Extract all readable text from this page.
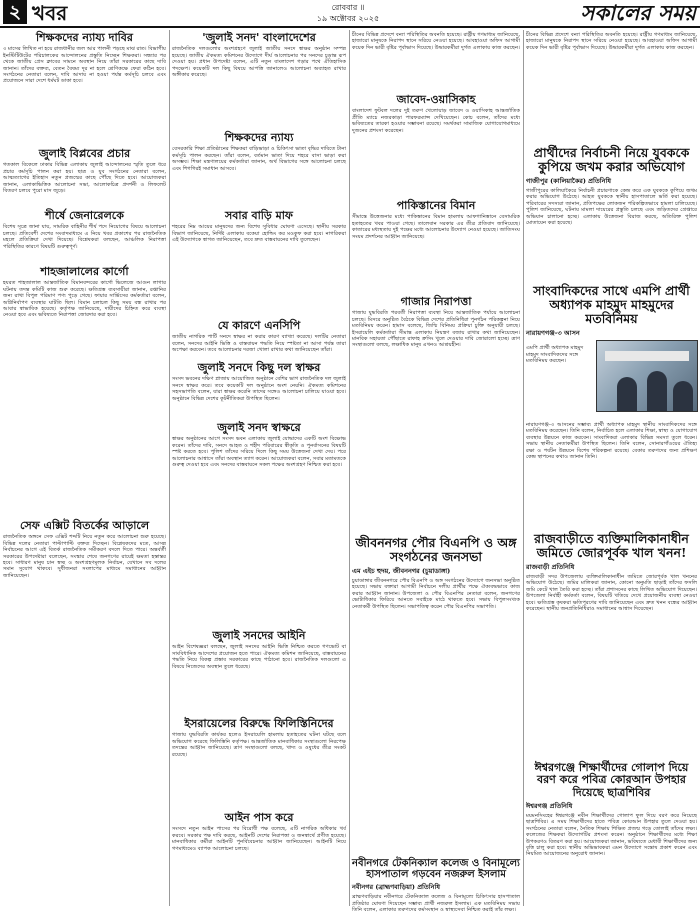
২ খবর	রোববার ॥
১৯ অক্টোবর ২০২৫	সকালের সময়

শিক্ষকদের ন্যায্য দাবির

৩ মাসের লিখিত না হয়ে রাজধানীর জল আর পালনী পড়ছে মাঝ রাত। বিভাগীয় ইনস্টিটিউটের পরিচালকের আন্দোলনের প্রস্তুতি নিচ্ছেন শিক্ষকরা। সন্ধ্যার পর থেকে জাতীয় প্রেস ক্লাবের সামনে অবস্থান নিয়ে তাঁরা সরকারের কাছে দাবি জানান। তাঁদের বক্তব্য, বেতন বৈষম্য দূর না হলে শ্রেণিকক্ষে ফেরা কঠিন হবে। সংগঠনের নেতারা বলেন, দাবি আদায় না হওয়া পর্যন্ত কর্মসূচি চলবে এবং প্রয়োজনে সারা দেশে ধর্মঘট ডাকা হবে।

জুলাই বিপ্লবের প্রচার

গতকাল বিকেলে ঢাকার বিভিন্ন এলাকায় জুলাই আন্দোলনের স্মৃতি তুলে ধরে প্রচার কর্মসূচি পালন করা হয়। ছাত্র ও যুব সংগঠনের নেতারা বলেন, আত্মত্যাগের ইতিহাস নতুন প্রজন্মের কাছে পৌঁছে দিতে হবে। আয়োজকরা জানান, এলাকাভিত্তিক আলোচনা সভা, আলোকচিত্র প্রদর্শনী ও লিফলেট বিতরণ চলবে পুরো মাস জুড়ে।

শীর্ষে জেনারেলকে

বিশেষ সূত্রে জানা যায়, সামরিক বাহিনীর শীর্ষ পদে নিয়োগের বিষয়ে আলোচনা চলছে। প্রতিবেশী দেশের সংবাদমাধ্যমে এ নিয়ে খবর প্রকাশের পর রাজনৈতিক মহলে প্রতিক্রিয়া দেখা দিয়েছে। বিশ্লেষকরা বলছেন, আঞ্চলিক নিরাপত্তা পরিস্থিতির কারণে বিষয়টি গুরুত্বপূর্ণ।

শাহজালালের কার্গো

হযরত শাহজালাল আন্তর্জাতিক বিমানবন্দরের কার্গো ভিলেজে আগুন লাগার ঘটনায় তদন্ত কমিটি কাজ শুরু করেছে। ক্ষতিগ্রস্ত ব্যবসায়ীরা জানান, রপ্তানির জন্য রাখা বিপুল পরিমাণ পণ্য পুড়ে গেছে। ফায়ার সার্ভিসের কর্মকর্তারা বলেন, অগ্নিনির্বাপণ ব্যবস্থার ঘাটতি ছিল। বিমান চলাচল কিছু সময় বন্ধ রাখার পর আবার স্বাভাবিক হয়েছে। কর্তৃপক্ষ জানিয়েছে, দায়ীদের চিহ্নিত করে ব্যবস্থা নেওয়া হবে এবং ভবিষ্যতে নিরাপত্তা জোরদার করা হবে।

সেফ এক্সিট বিতর্কের আড়ালে

রাজনৈতিক অঙ্গনে সেফ এক্সিট শব্দটি নিয়ে নতুন করে আলোচনা শুরু হয়েছে। বিভিন্ন দলের নেতারা পাল্টাপাল্টি বক্তব্য দিচ্ছেন। বিশ্লেষকদের মতে, আসন্ন নির্বাচনের আগে এই বিতর্ক রাজনৈতিক সমীকরণ বদলে দিতে পারে। অন্তর্বর্তী সরকারের উপদেষ্টারা বলেছেন, সংস্কার শেষে জনগণের রায়েই ক্ষমতা হস্তান্তর হবে। সাধারণ মানুষ চান স্বচ্ছ ও অংশগ্রহণমূলক নির্বাচন, যেখানে সব দলের সমান সুযোগ থাকবে। সুধীজনরা সংলাপের মাধ্যমে সমাধানের আহ্বান জানিয়েছেন।

'জুলাই সনদ' বাংলাদেশের

রাজনৈতিক দলগুলোর অংশগ্রহণে জুলাই জাতীয় সনদে স্বাক্ষর অনুষ্ঠান সম্পন্ন হয়েছে। জাতীয় ঐকমত্য কমিশনের উদ্যোগে দীর্ঘ আলোচনার পর সনদের চূড়ান্ত রূপ দেওয়া হয়। প্রধান উপদেষ্টা বলেন, এটি নতুন বাংলাদেশ গড়ার পথে ঐতিহাসিক পদক্ষেপ। কয়েকটি দল কিছু বিষয়ে আপত্তি জানালেও আলোচনা অব্যাহত রাখার অঙ্গীকার করেছে।

শিক্ষকদের ন্যায্য

বেসরকারি শিক্ষা প্রতিষ্ঠানের শিক্ষকরা বাড়িভাড়া ও চিকিৎসা ভাতা বৃদ্ধির দাবিতে টানা কর্মসূচি পালন করছেন। তাঁরা বলেন, বর্তমান ভাতা দিয়ে শহরে বাসা ভাড়া করা অসম্ভব। শিক্ষা মন্ত্রণালয়ের কর্মকর্তারা জানান, অর্থ বিভাগের সঙ্গে আলোচনা চলছে এবং শিগগিরই সমাধান আসবে।

সবার বাড়ি মাফ

শহরের নিম্ন আয়ের মানুষদের জন্য বিশেষ সুবিধার ঘোষণা এসেছে। স্থানীয় সরকার বিভাগ জানিয়েছে, নির্দিষ্ট এলাকায় বকেয়া হোল্ডিং কর মওকুফ করা হবে। নাগরিকরা এই উদ্যোগকে স্বাগত জানিয়েছেন, তবে দ্রুত বাস্তবায়নের দাবি তুলেছেন।

যে কারণে এনসিপি

জাতীয় নাগরিক পার্টি সনদে স্বাক্ষর না করার কারণ ব্যাখ্যা করেছে। দলটির নেতারা বলেন, সনদের আইনি ভিত্তি ও বাস্তবায়ন পদ্ধতি নিয়ে স্পষ্টতা না আসা পর্যন্ত তারা অপেক্ষা করবেন। তবে আলোচনার দরজা খোলা রাখার কথা জানিয়েছেন তাঁরা।

জুলাই সনদে কিছু দল স্বাক্ষর

সংসদ ভবনের দক্ষিণ প্লাজায় আয়োজিত অনুষ্ঠানে বেশির ভাগ রাজনৈতিক দল জুলাই সনদে স্বাক্ষর করে। তবে কয়েকটি দল অনুষ্ঠানে অংশ নেয়নি। ঐকমত্য কমিশনের সহসভাপতি বলেন, যারা স্বাক্ষর করেনি তাদের সঙ্গেও আলোচনা চালিয়ে যাওয়া হবে। অনুষ্ঠানে বিভিন্ন দেশের কূটনীতিকরা উপস্থিত ছিলেন।

জুলাই সনদ স্বাক্ষরে

স্বাক্ষর অনুষ্ঠানের আগে সংসদ ভবন এলাকায় জুলাই যোদ্ধাদের একটি অংশ বিক্ষোভ করেন। তাঁদের দাবি, সনদে আহত ও শহীদ পরিবারের স্বীকৃতি ও পুনর্বাসনের বিষয়টি স্পষ্ট করতে হবে। পুলিশ তাঁদের সরিয়ে দিলে কিছু সময় উত্তেজনা দেখা দেয়। পরে আলোচনার আশ্বাসে তাঁরা অবস্থান ত্যাগ করেন। আয়োজকরা বলেন, সবার মতামতকে গুরুত্ব দেওয়া হবে এবং সনদের বাস্তবায়নে সকল পক্ষের অংশগ্রহণ নিশ্চিত করা হবে।

জুলাই সনদের আইনি

আইন বিশেষজ্ঞরা বলছেন, জুলাই সনদের আইনি ভিত্তি নিশ্চিত করতে গণভোট বা সাংবিধানিক আদেশের প্রয়োজন হতে পারে। ঐকমত্য কমিশন জানিয়েছে, বাস্তবায়নের পদ্ধতি নিয়ে বিকল্প প্রস্তাব সরকারের কাছে পাঠানো হবে। রাজনৈতিক দলগুলো এ বিষয়ে নিজেদের অবস্থান তুলে ধরেছে।

ইসরায়েলের বিরুদ্ধে ফিলিস্তিনিদের

গাজায় যুদ্ধবিরতি কার্যকর হলেও ইসরায়েলি হামলায় হতাহতের ঘটনা ঘটছে বলে অভিযোগ করেছে ফিলিস্তিনি কর্তৃপক্ষ। আন্তর্জাতিক মানবাধিকার সংস্থাগুলো নিরপেক্ষ তদন্তের আহ্বান জানিয়েছে। ত্রাণ সংস্থাগুলো বলছে, খাদ্য ও ওষুধের তীব্র সংকট রয়েছে।

আইন পাস করে

সংসদে নতুন আইন পাসের পর বিরোধী পক্ষ বলেছে, এটি নাগরিক অধিকার খর্ব করবে। সরকার পক্ষ দাবি করছে, আইনটি দেশের নিরাপত্তা ও জনস্বার্থে প্রণীত হয়েছে। মানবাধিকার কর্মীরা আইনটি পুনর্বিবেচনার আহ্বান জানিয়েছেন। আইনটি নিয়ে গণমাধ্যমেও ব্যাপক আলোচনা চলছে।

চীনের বিভিন্ন প্রদেশে বন্যা পরিস্থিতির অবনতি হয়েছে। রাষ্ট্রীয় গণমাধ্যম জানিয়েছে, হাজারো মানুষকে নিরাপদ স্থানে সরিয়ে নেওয়া হয়েছে। আবহাওয়া অফিস আগামী কয়েক দিন ভারী বৃষ্টির পূর্বাভাস দিয়েছে। উদ্ধারকর্মীরা দুর্গত এলাকায় কাজ করছেন।

জাবেদ-ওয়াসিকাহ

বাংলাদেশ ফুটবল দলের দুই তরুণ খেলোয়াড় জাবেদ ও ওয়াসিকাহ আন্তর্জাতিক প্রীতি ম্যাচে নজরকাড়া পারফরম্যান্স দেখিয়েছেন। কোচ বলেন, তাঁদের মধ্যে ভবিষ্যতের তারকা হওয়ার সম্ভাবনা রয়েছে। সমর্থকরা সামাজিক যোগাযোগমাধ্যমে দুজনের প্রশংসা করেছেন।

পাকিস্তানের বিমান

সীমান্তে উত্তেজনার মধ্যে পাকিস্তানের বিমান হামলায় আফগানিস্তানে বেসামরিক হতাহতের খবর পাওয়া গেছে। তালেবান সরকার এর তীব্র প্রতিবাদ জানিয়েছে। কাতারের মধ্যস্থতায় দুই পক্ষের মধ্যে আলোচনার উদ্যোগ নেওয়া হয়েছে। জাতিসংঘ সংযম প্রদর্শনের আহ্বান জানিয়েছে।

গাজার নিরাপত্তা

গাজায় যুদ্ধবিরতি পরবর্তী নিরাপত্তা ব্যবস্থা নিয়ে আন্তর্জাতিক পর্যায়ে আলোচনা চলছে। মিসরে অনুষ্ঠিত বৈঠকে বিভিন্ন দেশের প্রতিনিধিরা পুনর্গঠন পরিকল্পনা নিয়ে মতবিনিময় করেন। হামাস বলেছে, জিম্মি বিনিময় প্রক্রিয়া চুক্তি অনুযায়ী চলছে। ইসরায়েলি কর্মকর্তারা সীমান্ত এলাকায় নিয়ন্ত্রণ বজায় রাখার কথা জানিয়েছেন। মানবিক সহায়তা পৌঁছাতে রাফাহ ক্রসিং খুলে দেওয়ার দাবি জোরালো হচ্ছে। ত্রাণ সংস্থাগুলো বলছে, লক্ষাধিক মানুষ এখনও আশ্রয়হীন।

জীবননগর পৌর বিএনপি ও অঙ্গ সংগঠনের জনসভা

এম এইচ হুদয়, জীবননগর (চুয়াডাঙ্গা)

চুয়াডাঙ্গার জীবননগরে পৌর বিএনপি ও অঙ্গ সংগঠনের উদ্যোগে জনসভা অনুষ্ঠিত হয়েছে। সভায় বক্তারা আগামী নির্বাচনে দলীয় প্রার্থীর পক্ষে ঐক্যবদ্ধভাবে কাজ করার আহ্বান জানান। উপজেলা ও পৌর বিএনপির নেতারা বলেন, জনগণের ভোটাধিকার ফিরিয়ে আনতে সবাইকে মাঠে থাকতে হবে। সভায় বিপুলসংখ্যক নেতাকর্মী উপস্থিত ছিলেন। সভাপতিত্ব করেন পৌর বিএনপির সভাপতি।

নবীনগরে টেকনিক্যাল কলেজ ও বিনামূল্যে হাসপাতাল গড়বেন নজরুল ইসলাম

নবীনগর (ব্রাহ্মণবাড়িয়া) প্রতিনিধি

ব্রাহ্মণবাড়িয়ার নবীনগরে টেকনিক্যাল কলেজ ও বিনামূল্যে চিকিৎসার হাসপাতাল প্রতিষ্ঠার ঘোষণা দিয়েছেন সম্ভাব্য প্রার্থী নজরুল ইসলাম। এক মতবিনিময় সভায় তিনি বলেন, এলাকার তরুণদের কর্মসংস্থান ও স্বাস্থ্যসেবা নিশ্চিত করাই তাঁর লক্ষ্য।

চীনের বিভিন্ন প্রদেশে বন্যা পরিস্থিতির অবনতি হয়েছে। রাষ্ট্রীয় গণমাধ্যম জানিয়েছে, হাজারো মানুষকে নিরাপদ স্থানে সরিয়ে নেওয়া হয়েছে। আবহাওয়া অফিস আগামী কয়েক দিন ভারী বৃষ্টির পূর্বাভাস দিয়েছে। উদ্ধারকর্মীরা দুর্গত এলাকায় কাজ করছেন।

প্রার্থীদের নির্বাচনী নিয়ে যুবককে কুপিয়ে জখম করার অভিযোগ

গাজীপুর (কালিয়াকৈর) প্রতিনিধি

গাজীপুরের কালিয়াকৈরে নির্বাচনী প্রচারণাকে কেন্দ্র করে এক যুবককে কুপিয়ে জখম করার অভিযোগ উঠেছে। আহত যুবককে স্থানীয় হাসপাতালে ভর্তি করা হয়েছে। পরিবারের সদস্যরা জানান, প্রতিপক্ষের লোকজন পরিকল্পিতভাবে হামলা চালিয়েছে। পুলিশ জানিয়েছে, ঘটনায় মামলা দায়েরের প্রস্তুতি চলছে এবং জড়িতদের গ্রেপ্তারে অভিযান চালানো হচ্ছে। এলাকায় উত্তেজনা বিরাজ করছে, অতিরিক্ত পুলিশ মোতায়েন করা হয়েছে।

সাংবাদিকদের সাথে এমপি প্রার্থী অধ্যাপক মাহমুদ মাহমুদের মতবিনিময়

নারায়ণগঞ্জ-৩ আসন

এমপি প্রার্থী অধ্যাপক মাহমুদ মাহমুদ সাংবাদিকদের সঙ্গে মতবিনিময় করছেন।

নারায়ণগঞ্জ-৩ আসনের সম্ভাব্য প্রার্থী অধ্যাপক মাহমুদ স্থানীয় সাংবাদিকদের সঙ্গে মতবিনিময় করেছেন। তিনি বলেন, নির্বাচিত হলে এলাকার শিক্ষা, স্বাস্থ্য ও যোগাযোগ ব্যবস্থার উন্নয়নে কাজ করবেন। সাংবাদিকরা এলাকার বিভিন্ন সমস্যা তুলে ধরেন। সভায় স্থানীয় নেতাকর্মীরা উপস্থিত ছিলেন। তিনি বলেন, সোনারগাঁওয়ের ঐতিহ্য রক্ষা ও পর্যটন উন্নয়নে বিশেষ পরিকল্পনা রয়েছে। বেকার তরুণদের জন্য প্রশিক্ষণ কেন্দ্র স্থাপনের কথাও জানান তিনি।

রাজবাড়ীতে ব্যক্তিমালিকানাধীন জমিতে জোরপূর্বক খাল খনন!

রাজবাড়ী প্রতিনিধি

রাজবাড়ী সদর উপজেলায় ব্যক্তিমালিকানাধীন জমিতে জোরপূর্বক খাল খননের অভিযোগ উঠেছে। জমির মালিকরা জানান, কোনো অনুমতি ছাড়াই তাঁদের ফসলি জমি কেটে খাল তৈরি করা হচ্ছে। তাঁরা প্রশাসনের কাছে লিখিত অভিযোগ দিয়েছেন। উপজেলা নির্বাহী কর্মকর্তা বলেন, বিষয়টি খতিয়ে দেখে প্রয়োজনীয় ব্যবস্থা নেওয়া হবে। ক্ষতিগ্রস্ত কৃষকরা ক্ষতিপূরণের দাবি জানিয়েছেন এবং দ্রুত খনন বন্ধের আহ্বান করেছেন। স্থানীয় জনপ্রতিনিধিরাও সমাধানের আশ্বাস দিয়েছেন।

ঈশ্বরগঞ্জে শিক্ষার্থীদের গোলাপ দিয়ে বরণ করে পবিত্র কোরআন উপহার দিয়েছে ছাত্রশিবির

ঈশ্বরগঞ্জ প্রতিনিধি

ময়মনসিংহের ঈশ্বরগঞ্জে নবীন শিক্ষার্থীদের গোলাপ ফুল দিয়ে বরণ করে নিয়েছে ছাত্রশিবির। এ সময় শিক্ষার্থীদের হাতে পবিত্র কোরআন উপহার তুলে দেওয়া হয়। সংগঠনের নেতারা বলেন, নৈতিক শিক্ষায় শিক্ষিত প্রজন্ম গড়ে তোলাই তাঁদের লক্ষ্য। কলেজের শিক্ষকরা উদ্যোগটির প্রশংসা করেন। অনুষ্ঠানে শিক্ষার্থীদের মধ্যে শিক্ষা উপকরণও বিতরণ করা হয়। আয়োজকরা জানান, ভবিষ্যতে মেধাবী শিক্ষার্থীদের জন্য বৃত্তি চালু করা হবে। স্থানীয় অভিভাবকরা এমন উদ্যোগে সন্তোষ প্রকাশ করেন এবং নিয়মিত আয়োজনের অনুরোধ জানান।
